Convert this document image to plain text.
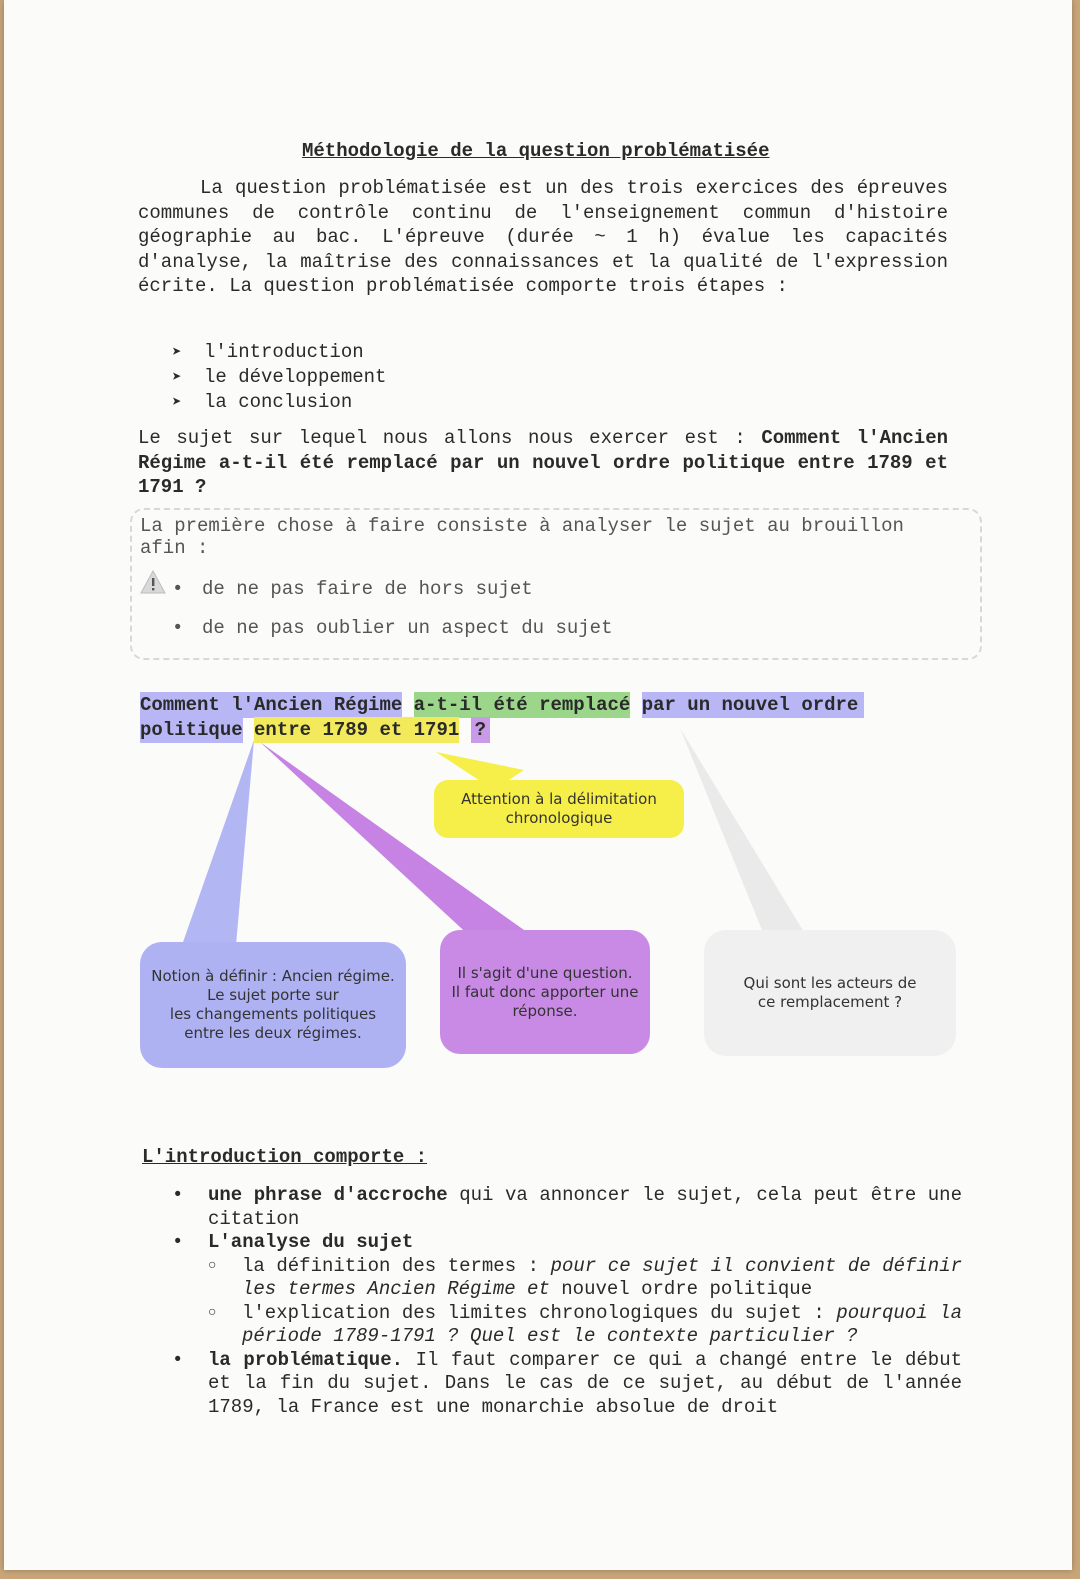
Méthodologie de la question problématisée
La question problématisée est un des trois exercices des épreuves communes de contrôle continu de l'enseignement commun d'histoire géographie au bac. L'épreuve (durée ~ 1 h) évalue les capacités d'analyse, la maîtrise des connaissances et la qualité de l'expression écrite. La question problématisée comporte trois étapes :
➤ l'introduction
➤ le développement
➤ la conclusion
Le sujet sur lequel nous allons nous exercer est : Comment l'Ancien Régime a-t-il été remplacé par un nouvel ordre politique entre 1789 et 1791 ?
La première chose à faire consiste à analyser le sujet au brouillon afin :
• de ne pas faire de hors sujet
• de ne pas oublier un aspect du sujet
Comment l'Ancien Régime a-t-il été remplacé par un nouvel ordre
politique entre 1789 et 1791 ?
Attention à la délimitation
chronologique
Notion à définir : Ancien régime.
Le sujet porte sur
les changements politiques
entre les deux régimes.
Il s'agit d'une question.
Il faut donc apporter une
réponse.
Qui sont les acteurs de
ce remplacement ?
L'introduction comporte :
• une phrase d'accroche qui va annoncer le sujet, cela peut être une citation
• L'analyse du sujet
○ la définition des termes : pour ce sujet il convient de définir les termes Ancien Régime et nouvel ordre politique
○ l'explication des limites chronologiques du sujet : pourquoi la période 1789-1791 ? Quel est le contexte particulier ?
• la problématique. Il faut comparer ce qui a changé entre le début et la fin du sujet. Dans le cas de ce sujet, au début de l'année 1789, la France est une monarchie absolue de droit
